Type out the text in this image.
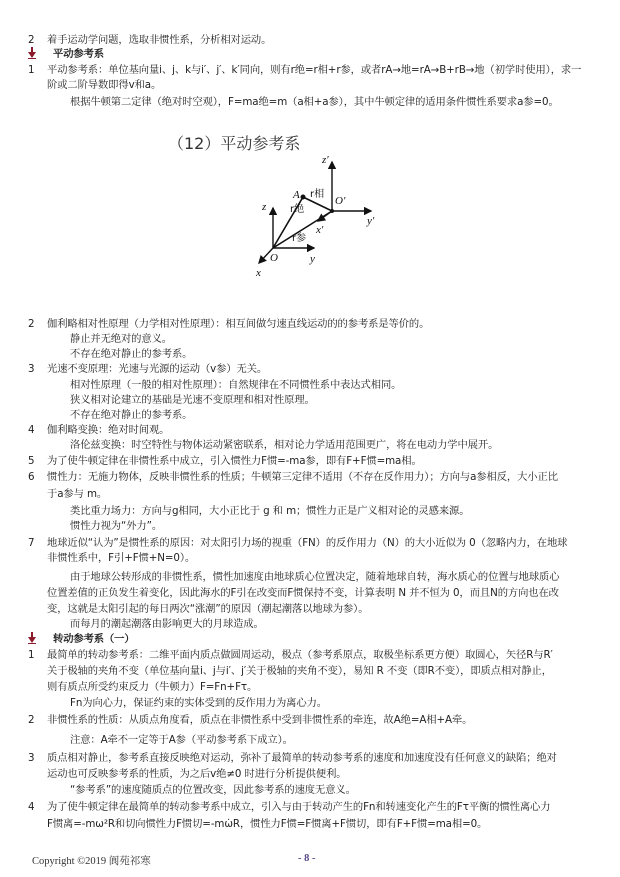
2	着手运动学问题，选取非惯性系，分析相对运动。
平动参考系
1	平动参考系：单位基向量i、j、k与i′、j′、k′同向，则有r绝=r相+r参，或者rA→地=rA→B+rB→地（初学时使用），求一
阶或二阶导数即得v和a。
根据牛顿第二定律（绝对时空观），F=ma绝=m（a相+a参），其中牛顿定律的适用条件惯性系要求a参=0。
（12）平动参考系
z
y
x
O
z′
y′
x′
O′
A
r绝
r相
r参
2	伽利略相对性原理（力学相对性原理）：相互间做匀速直线运动的的参考系是等价的。
静止并无绝对的意义。
不存在绝对静止的参考系。
3	光速不变原理：光速与光源的运动（v参）无关。
相对性原理（一般的相对性原理）：自然规律在不同惯性系中表达式相同。
狭义相对论建立的基础是光速不变原理和相对性原理。
不存在绝对静止的参考系。
4	伽利略变换：绝对时间观。
洛伦兹变换：时空特性与物体运动紧密联系，相对论力学适用范围更广，将在电动力学中展开。
5	为了使牛顿定律在非惯性系中成立，引入惯性力F惯=-ma参，即有F+F惯=ma相。
6	惯性力：无施力物体，反映非惯性系的性质；牛顿第三定律不适用（不存在反作用力）；方向与a参相反，大小正比
于a参与 m。
类比重力场力：方向与g相同，大小正比于 g 和 m；惯性力正是广义相对论的灵感来源。
惯性力视为“外力”。
7	地球近似“认为”是惯性系的原因：对太阳引力场的视重（FN）的反作用力（N）的大小近似为 0（忽略内力，在地球
非惯性系中，F引+F惯+N=0）。
由于地球公转形成的非惯性系，惯性加速度由地球质心位置决定，随着地球自转，海水质心的位置与地球质心
位置差值的正负发生着变化，因此海水的F引在改变而F惯保持不变，计算表明 N 并不恒为 0，而且N的方向也在改
变，这就是太阳引起的每日两次“涨潮”的原因（潮起潮落以地球为参）。
而每月的潮起潮落由影响更大的月球造成。
转动参考系（一）
1	最简单的转动参考系：二维平面内质点做圆周运动，极点（参考系原点，取极坐标系更方便）取圆心，矢径R与R′
关于极轴的夹角不变（单位基向量i、j与i′、j′关于极轴的夹角不变），易知 R 不变（即R不变），即质点相对静止，
则有质点所受约束反力（牛顿力）F=Fn+Fτ。
Fn为向心力，保证约束的实体受到的反作用力为离心力。
2	非惯性系的性质：从质点角度看，质点在非惯性系中受到非惯性系的牵连，故A绝=A相+A牵。
注意：A牵不一定等于A参（平动参考系下成立）。
3	质点相对静止，参考系直接反映绝对运动，弥补了最简单的转动参考系的速度和加速度没有任何意义的缺陷；绝对
运动也可反映参考系的性质，为之后v绝≠0 时进行分析提供便利。
“参考系”的速度随质点的位置改变，因此参考系的速度无意义。
4	为了使牛顿定律在最简单的转动参考系中成立，引入与由于转动产生的Fn和转速变化产生的Fτ平衡的惯性离心力
F惯离=-mω²R和切向惯性力F惯切=-mω̇R，惯性力F惯=F惯离+F惯切，即有F+F惯=ma相=0。
Copyright ©2019 阆苑祁寒	- 8 -
